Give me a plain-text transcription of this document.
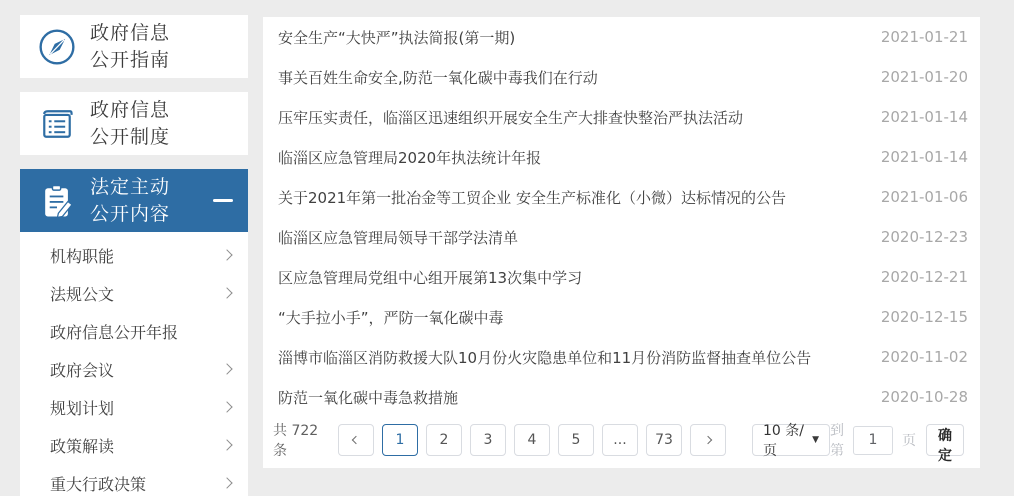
政府信息
公开指南
政府信息
公开制度
法定主动
公开内容
机构职能
法规公文
政府信息公开年报
政府会议
规划计划
政策解读
重大行政决策
安全生产“大快严”执法简报(第一期)	2021-01-21
事关百姓生命安全,防范一氧化碳中毒我们在行动	2021-01-20
压牢压实责任，临淄区迅速组织开展安全生产大排查快整治严执法活动	2021-01-14
临淄区应急管理局2020年执法统计年报	2021-01-14
关于2021年第一批冶金等工贸企业 安全生产标准化（小微）达标情况的公告	2021-01-06
临淄区应急管理局领导干部学法清单	2020-12-23
区应急管理局党组中心组开展第13次集中学习	2020-12-21
“大手拉小手”，严防一氧化碳中毒	2020-12-15
淄博市临淄区消防救援大队10月份火灾隐患单位和11月份消防监督抽查单位公告	2020-11-02
防范一氧化碳中毒急救措施	2020-10-28
共 722 条
1	2	3	4	5	...	73
10 条/页
▼
到第
1
页	确定
